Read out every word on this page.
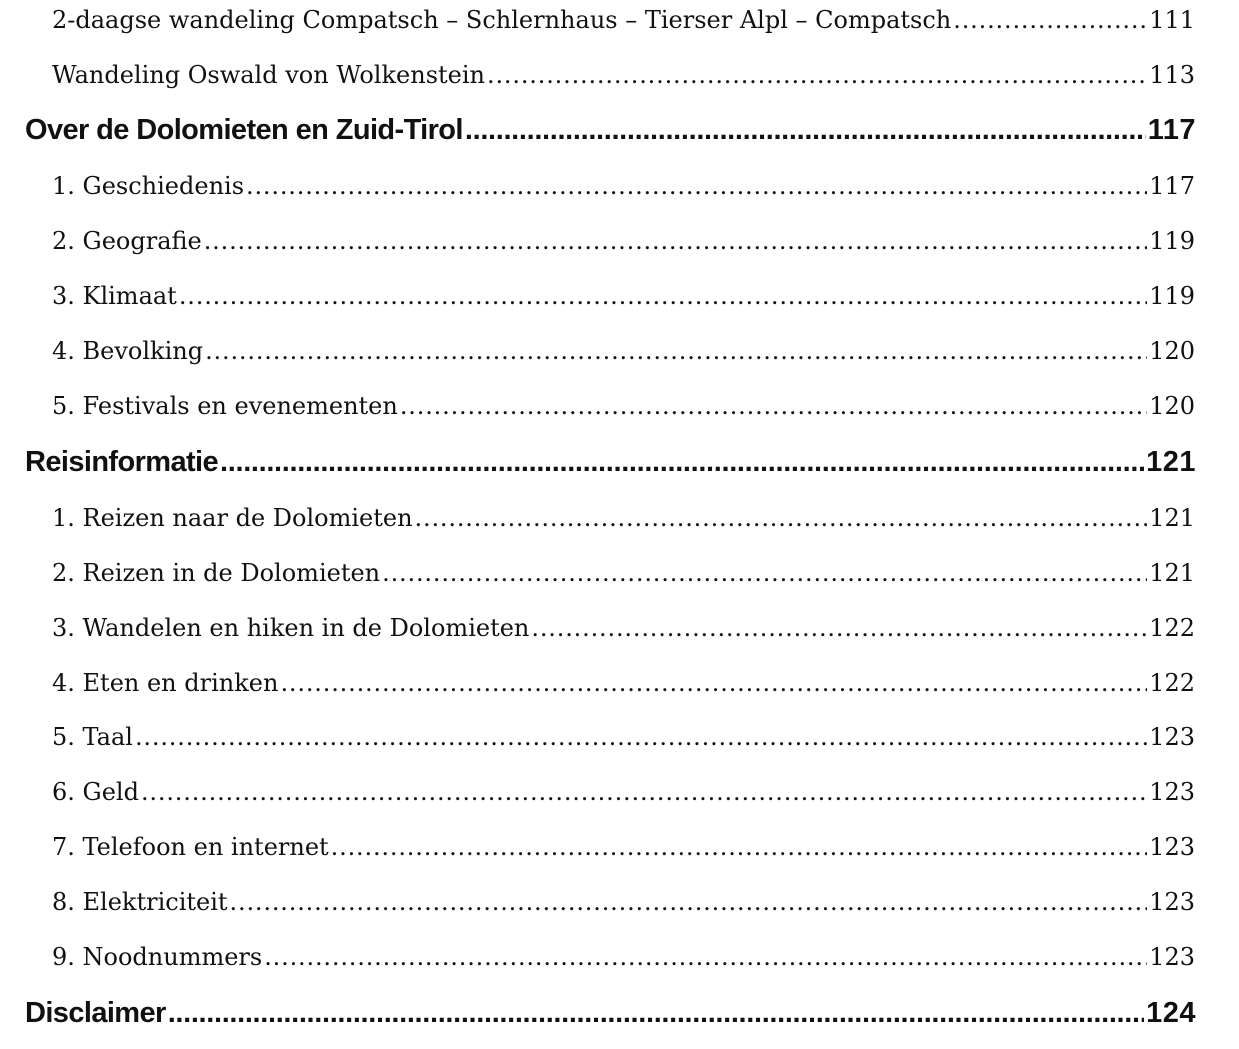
2-daagse wandeling Compatsch – Schlernhaus – Tierser Alpl – Compatsch . . .	111
Wandeling Oswald von Wolkenstein . . .	113
Over de Dolomieten en Zuid-Tirol . . .	117
1. Geschiedenis . . .	117
2. Geografie . . .	119
3. Klimaat . . .	119
4. Bevolking . . .	120
5. Festivals en evenementen . . .	120
Reisinformatie . . .	121
1. Reizen naar de Dolomieten . . .	121
2. Reizen in de Dolomieten . . .	121
3. Wandelen en hiken in de Dolomieten . . .	122
4. Eten en drinken . . .	122
5. Taal . . .	123
6. Geld . . .	123
7. Telefoon en internet . . .	123
8. Elektriciteit . . .	123
9. Noodnummers . . .	123
Disclaimer . . .	124
